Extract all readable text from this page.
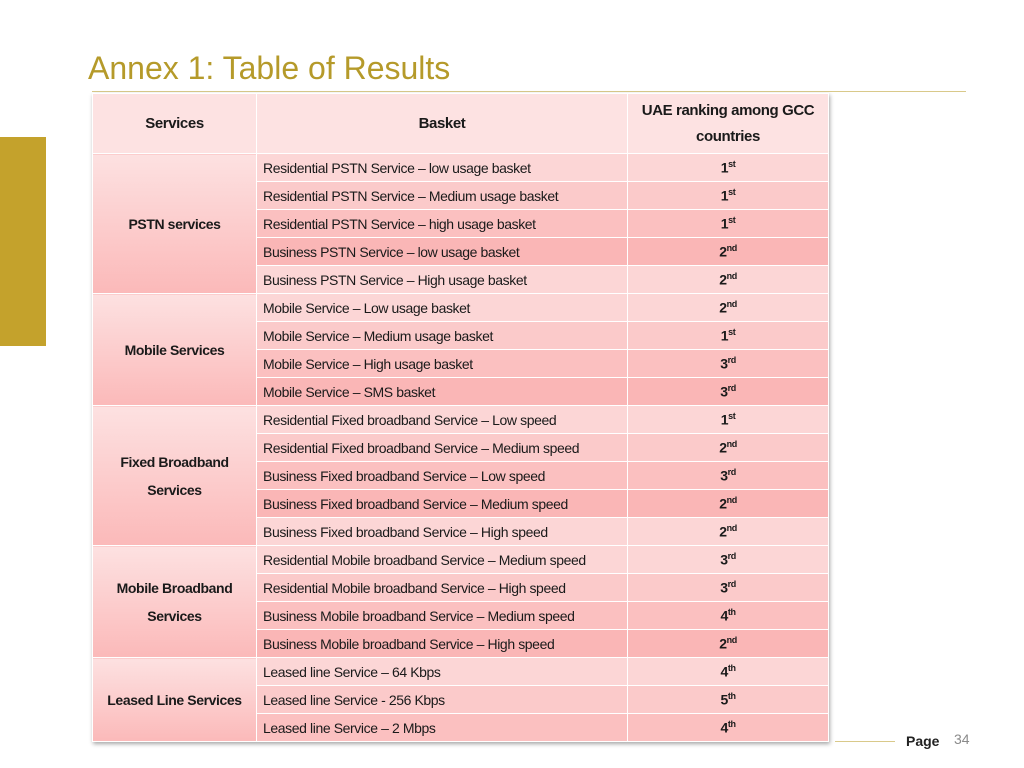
Annex 1: Table of Results
Services	Basket	UAE ranking among GCC countries
PSTN services	Residential PSTN Service – low usage basket	1st
	Residential PSTN Service – Medium usage basket	1st
	Residential PSTN Service – high usage basket	1st
	Business PSTN Service – low usage basket	2nd
	Business PSTN Service – High usage basket	2nd
Mobile Services	Mobile Service – Low usage basket	2nd
	Mobile Service – Medium usage basket	1st
	Mobile Service – High usage basket	3rd
	Mobile Service – SMS basket	3rd
Fixed Broadband Services	Residential Fixed broadband Service – Low speed	1st
	Residential Fixed broadband Service – Medium speed	2nd
	Business Fixed broadband Service – Low speed	3rd
	Business Fixed broadband Service – Medium speed	2nd
	Business Fixed broadband Service – High speed	2nd
Mobile Broadband Services	Residential Mobile broadband Service – Medium speed	3rd
	Residential Mobile broadband Service – High speed	3rd
	Business Mobile broadband Service – Medium speed	4th
	Business Mobile broadband Service – High speed	2nd
Leased Line Services	Leased line Service – 64 Kbps	4th
	Leased line Service - 256 Kbps	5th
	Leased line Service – 2 Mbps	4th
Page 34
